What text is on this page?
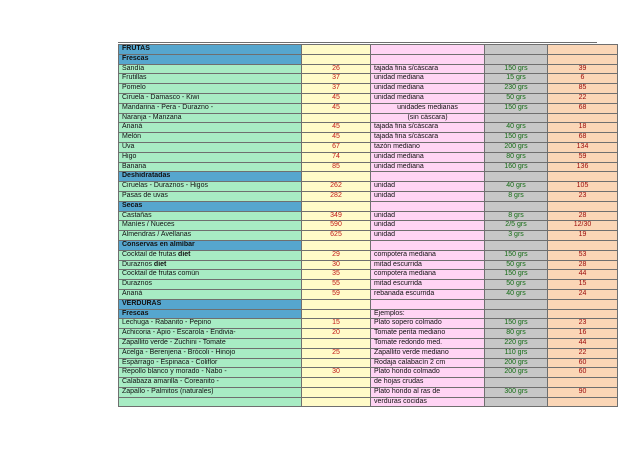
FRUTAS				
Frescas				
Sandía	26	tajada fina s/cáscara	150 grs	39
Frutillas	37	unidad mediana	15 grs	6
Pomelo	37	unidad mediana	230 grs	85
Ciruela - Damasco - Kiwi	45	unidad mediana	50 grs	22
Mandarina - Pera - Durazno -	45	unidades medianas	150 grs	68
Naranja - Manzana		(sin cáscara)		
Ananá	45	tajada fina s/cáscara	40 grs	18
Melón	45	tajada fina s/cáscara	150 grs	68
Uva	67	tazón mediano	200 grs	134
Higo	74	unidad mediana	80 grs	59
Banana	85	unidad mediana	160 grs	136
Deshidratadas				
Ciruelas - Duraznos - Higos	262	unidad	40 grs	105
Pasas de uvas	282	unidad	8 grs	23
Secas				
Castañas	349	unidad	8 grs	28
Maníes / Nueces	590	unidad	2/5 grs	12/30
Almendras / Avellanas	625	unidad	3 grs	19
Conservas en almíbar				
Cocktail de frutas diet	29	compotera mediana	150 grs	53
Duraznos diet	30	mitad escurrida	50 grs	28
Cocktail de frutas común	35	compotera mediana	150 grs	44
Duraznos	55	mitad escurrida	50 grs	15
Ananá	59	rebanada escurrida	40 grs	24
VERDURAS				
Frescas		Ejemplos:		
Lechuga - Rabanito - Pepino	15	Plato sopero colmado	150 grs	23
Achicoria - Apio - Escarola - Endivia-	20	Tomate perita mediano	80 grs	16
Zapallito verde - Zuchini - Tomate		Tomate redondo med.	220 grs	44
Acelga - Berenjena - Brócoli - Hinojo	25	Zapallito verde mediano	110 grs	22
Espárrago - Espinaca - Coliflor		Rodaja calabacín 2 cm	200 grs	60
Repollo blanco y morado - Nabo -	30	Plato hondo colmado	200 grs	60
Calabaza amarilla - Coreanito -		de hojas crudas		
Zapallo - Palmitos (naturales)		Plato hondo al ras de	300 grs	90
		verduras cocidas		
